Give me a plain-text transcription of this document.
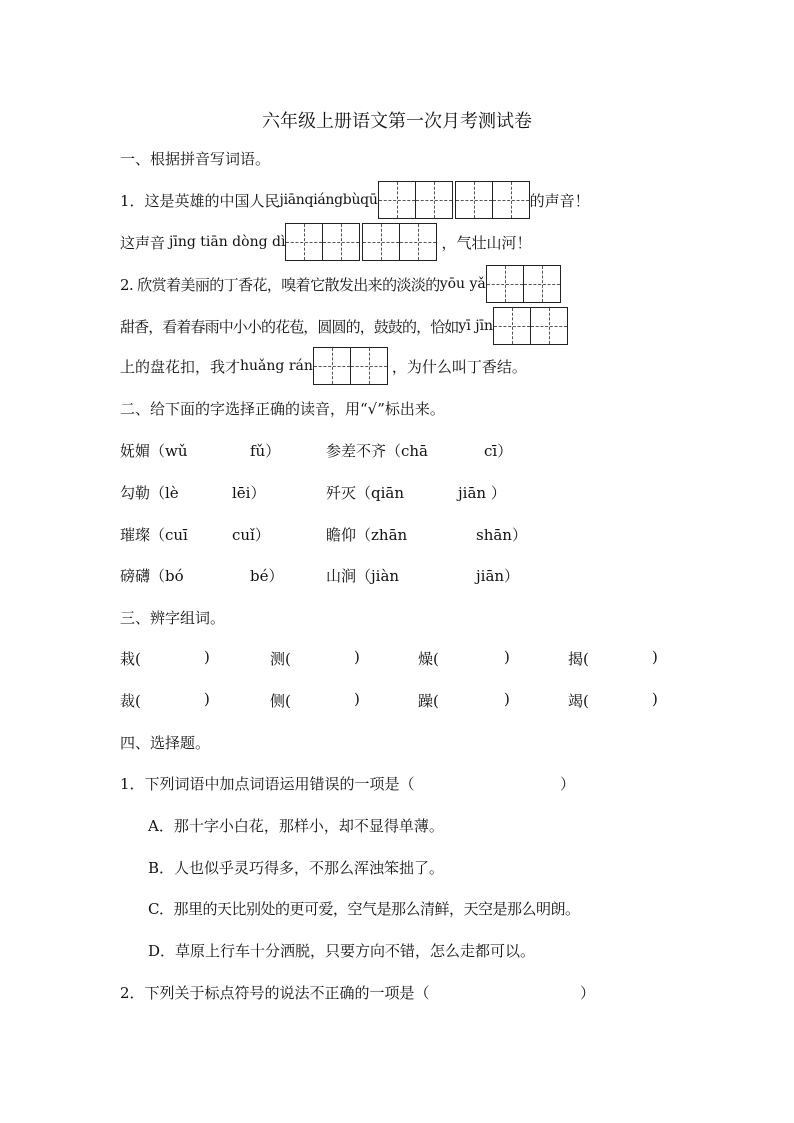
六年级上册语文第一次月考测试卷
一、根据拼音写词语。
1．这是英雄的中国人民 jiānqiángbùqū	的声音！
这声音 jīng tiān dòng dì	，气壮山河！
2. 欣赏着美丽的丁香花，嗅着它散发出来的淡淡的 yōu yǎ
甜香，看着春雨中小小的花苞，圆圆的，鼓鼓的，恰如 yī jīn
上的盘花扣，我才 huǎng rán	，为什么叫丁香结。
二、给下面的字选择正确的读音，用“√”标出来。
妩媚（wǔ	fǔ）	参差不齐（chā	cī）
勾勒（lè	lēi）	歼灭（qiān	jiān ）
璀璨（cuī	cuǐ）	瞻仰（zhān	shān）
磅礴（bó	bé）	山涧（jiàn	jiān）
三、辨字组词。
栽(	)	测(	)	燥(	)	揭(	)
裁(	)	侧(	)	躁(	)	竭(	)
四、选择题。
1．下列词语中加点词语运用错误的一项是（	）
A．那十字小白花，那样小，却不显得单薄。
B．人也似乎灵巧得多，不那么浑浊笨拙了。
C．那里的天比别处的更可爱，空气是那么清鲜，天空是那么明朗。
D．草原上行车十分洒脱，只要方向不错，怎么走都可以。
2．下列关于标点符号的说法不正确的一项是（	）
